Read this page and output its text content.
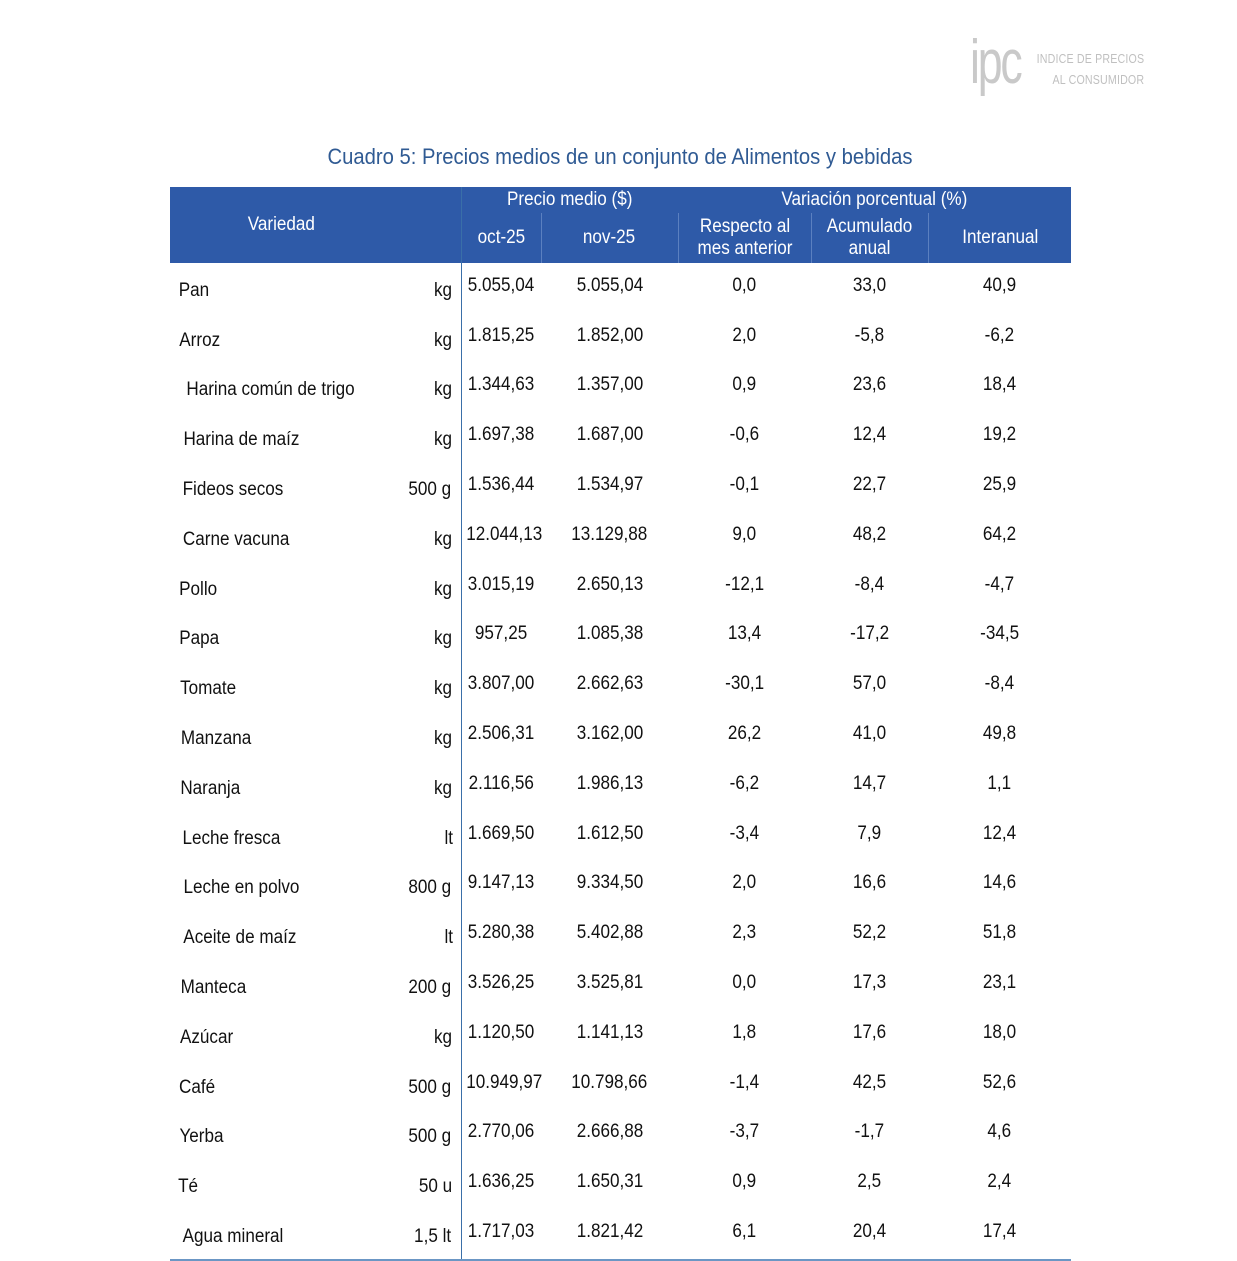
ipc INDICE DE PRECIOS
AL CONSUMIDOR
Cuadro 5: Precios medios de un conjunto de Alimentos y bebidas
Variedad		Precio medio ($)		Variación porcentual (%)		
		oct-25	nov-25	Respecto al mes anterior	Acumulado anual	Interanual
Pan	kg	5.055,04	5.055,04	0,0	33,0	40,9
Arroz	kg	1.815,25	1.852,00	2,0	-5,8	-6,2
Harina común de trigo	kg	1.344,63	1.357,00	0,9	23,6	18,4
Harina de maíz	kg	1.697,38	1.687,00	-0,6	12,4	19,2
Fideos secos	500 g	1.536,44	1.534,97	-0,1	22,7	25,9
Carne vacuna	kg	12.044,13	13.129,88	9,0	48,2	64,2
Pollo	kg	3.015,19	2.650,13	-12,1	-8,4	-4,7
Papa	kg	957,25	1.085,38	13,4	-17,2	-34,5
Tomate	kg	3.807,00	2.662,63	-30,1	57,0	-8,4
Manzana	kg	2.506,31	3.162,00	26,2	41,0	49,8
Naranja	kg	2.116,56	1.986,13	-6,2	14,7	1,1
Leche fresca	lt	1.669,50	1.612,50	-3,4	7,9	12,4
Leche en polvo	800 g	9.147,13	9.334,50	2,0	16,6	14,6
Aceite de maíz	lt	5.280,38	5.402,88	2,3	52,2	51,8
Manteca	200 g	3.526,25	3.525,81	0,0	17,3	23,1
Azúcar	kg	1.120,50	1.141,13	1,8	17,6	18,0
Café	500 g	10.949,97	10.798,66	-1,4	42,5	52,6
Yerba	500 g	2.770,06	2.666,88	-3,7	-1,7	4,6
Té	50 u	1.636,25	1.650,31	0,9	2,5	2,4
Agua mineral	1,5 lt	1.717,03	1.821,42	6,1	20,4	17,4
